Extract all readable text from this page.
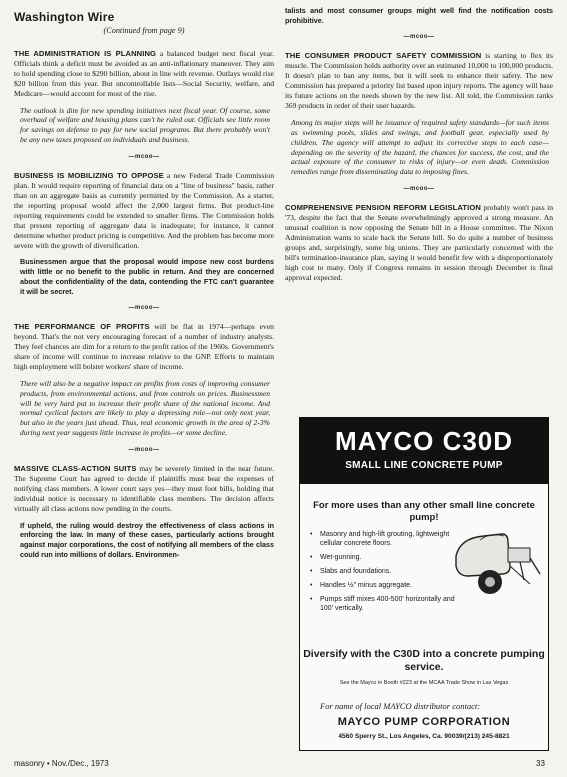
Washington Wire
(Continued from page 9)

THE ADMINISTRATION IS PLANNING a balanced budget next fiscal year. Officials think a deficit must be avoided as an anti-inflationary maneuver. They aim to hold spending close to $290 billion, about in line with revenue. Outlays would rise $20 billion from this year. But uncontrollable lists—Social Security, welfare, and Medicare—would account for most of the rise.

The outlook is dim for new spending initiatives next fiscal year. Of course, some overhaul of welfare and housing plans can't be ruled out. Officials see little room for savings on defense to pay for new social programs. But there probably won't be any new taxes proposed on individuals and business.

— mcoo —

BUSINESS IS MOBILIZING TO OPPOSE a new Federal Trade Commission plan. It would require reporting of financial data on a "line of business" basis, rather than on an aggregate basis as currently permitted by the Commission. As a starter, the reporting proposal would affect the 2,000 largest firms. But product-line reporting requirements could be extended to smaller firms. The Commission holds that present reporting of aggregate data is inadequate; for instance, it cannot determine whether product pricing is competitive. And the problem has become more severe with the growth of diversification.

Businessmen argue that the proposal would impose new cost burdens with little or no benefit to the public in return. And they are concerned about the confidentiality of the data, contending the FTC can't guarantee it will be secret.

— mcoo —

THE PERFORMANCE OF PROFITS will be flat in 1974—perhaps even beyond. That's the not very encouraging forecast of a number of industry analysts. They feel chances are dim for a return to the profit ratios of the 1960s. Government's share of income will continue to increase relative to the GNP. Efforts to maintain high employment will bolster workers' share of income.

There will also be a negative impact on profits from costs of improving consumer products, from environmental actions, and from controls on prices. Businessmen will be very hard put to increase their profit share of the national income. And normal cyclical factors are likely to play a depressing role—not only next year, but also in the years just ahead. Thus, real economic growth in the area of 2-3% during next year suggests little increase in profits—or some decline.

— mcoo —

MASSIVE CLASS-ACTION SUITS may be severely limited in the near future. The Supreme Court has agreed to decide if plaintiffs must bear the expenses of notifying class members. A lower court says yes—they must foot bills, holding that individual notice is necessary to identifiable class members. The decision affects virtually all class actions now pending in the courts.

If upheld, the ruling would destroy the effectiveness of class actions in enforcing the law. In many of these cases, particularly actions brought against major corporations, the cost of notifying all members of the class could run into millions of dollars. Environmen-

talists and most consumer groups might well find the notification costs prohibitive.

— mcoo —

THE CONSUMER PRODUCT SAFETY COMMISSION is starting to flex its muscle. The Commission holds authority over an estimated 10,000 to 100,000 products. It doesn't plan to ban any items, but it will seek to enhance their safety. The new Commission has prepared a priority list based upon injury reports. The agency will base its future actions on the needs shown by the new list. All told, the Commission ranks 369 products in order of their user hazards.

Among its major steps will be issuance of required safety standards—for such items as swimming pools, slides and swings, and football gear, especially used by children. The agency will attempt to adjust its corrective steps to each case—depending on the severity of the hazard, the chances for success, the cost, and the actual exposure of the consumer to risks of injury—or even death. Commission remedies range from disseminating data to imposing fines.

— mcoo —

COMPREHENSIVE PENSION REFORM LEGISLATION probably won't pass in '73, despite the fact that the Senate overwhelmingly approved a strong measure. An unusual coalition is now opposing the Senate bill in a House committee. The Nixon Administration wants to scale back the Senate bill. So do quite a number of business groups and, surprisingly, some big unions. They are particularly concerned with the bill's termination-insurance plan, saying it would benefit few with a disproportionately high cost to many. Only if Congress remains in session through December is final approval expected.

MAYCO C30D
SMALL LINE CONCRETE PUMP
For more uses than any other small line concrete pump!
•	Masonry and high-lift grouting, lightweight cellular concrete floors.
•	Wet-gunning.
•	Slabs and foundations.
•	Handles ½" minus aggregate.
•	Pumps stiff mixes 400-500' horizontally and 100' vertically.
Diversify with the C30D into a concrete pumping service.
See the Mayco in Booth #223 at the MCAA Trade Show in Las Vegas
For name of local MAYCO distributor contact:
MAYCO PUMP CORPORATION
4560 Sperry St., Los Angeles, Ca. 90039/(213) 245-8821
masonry • Nov./Dec., 1973	33
